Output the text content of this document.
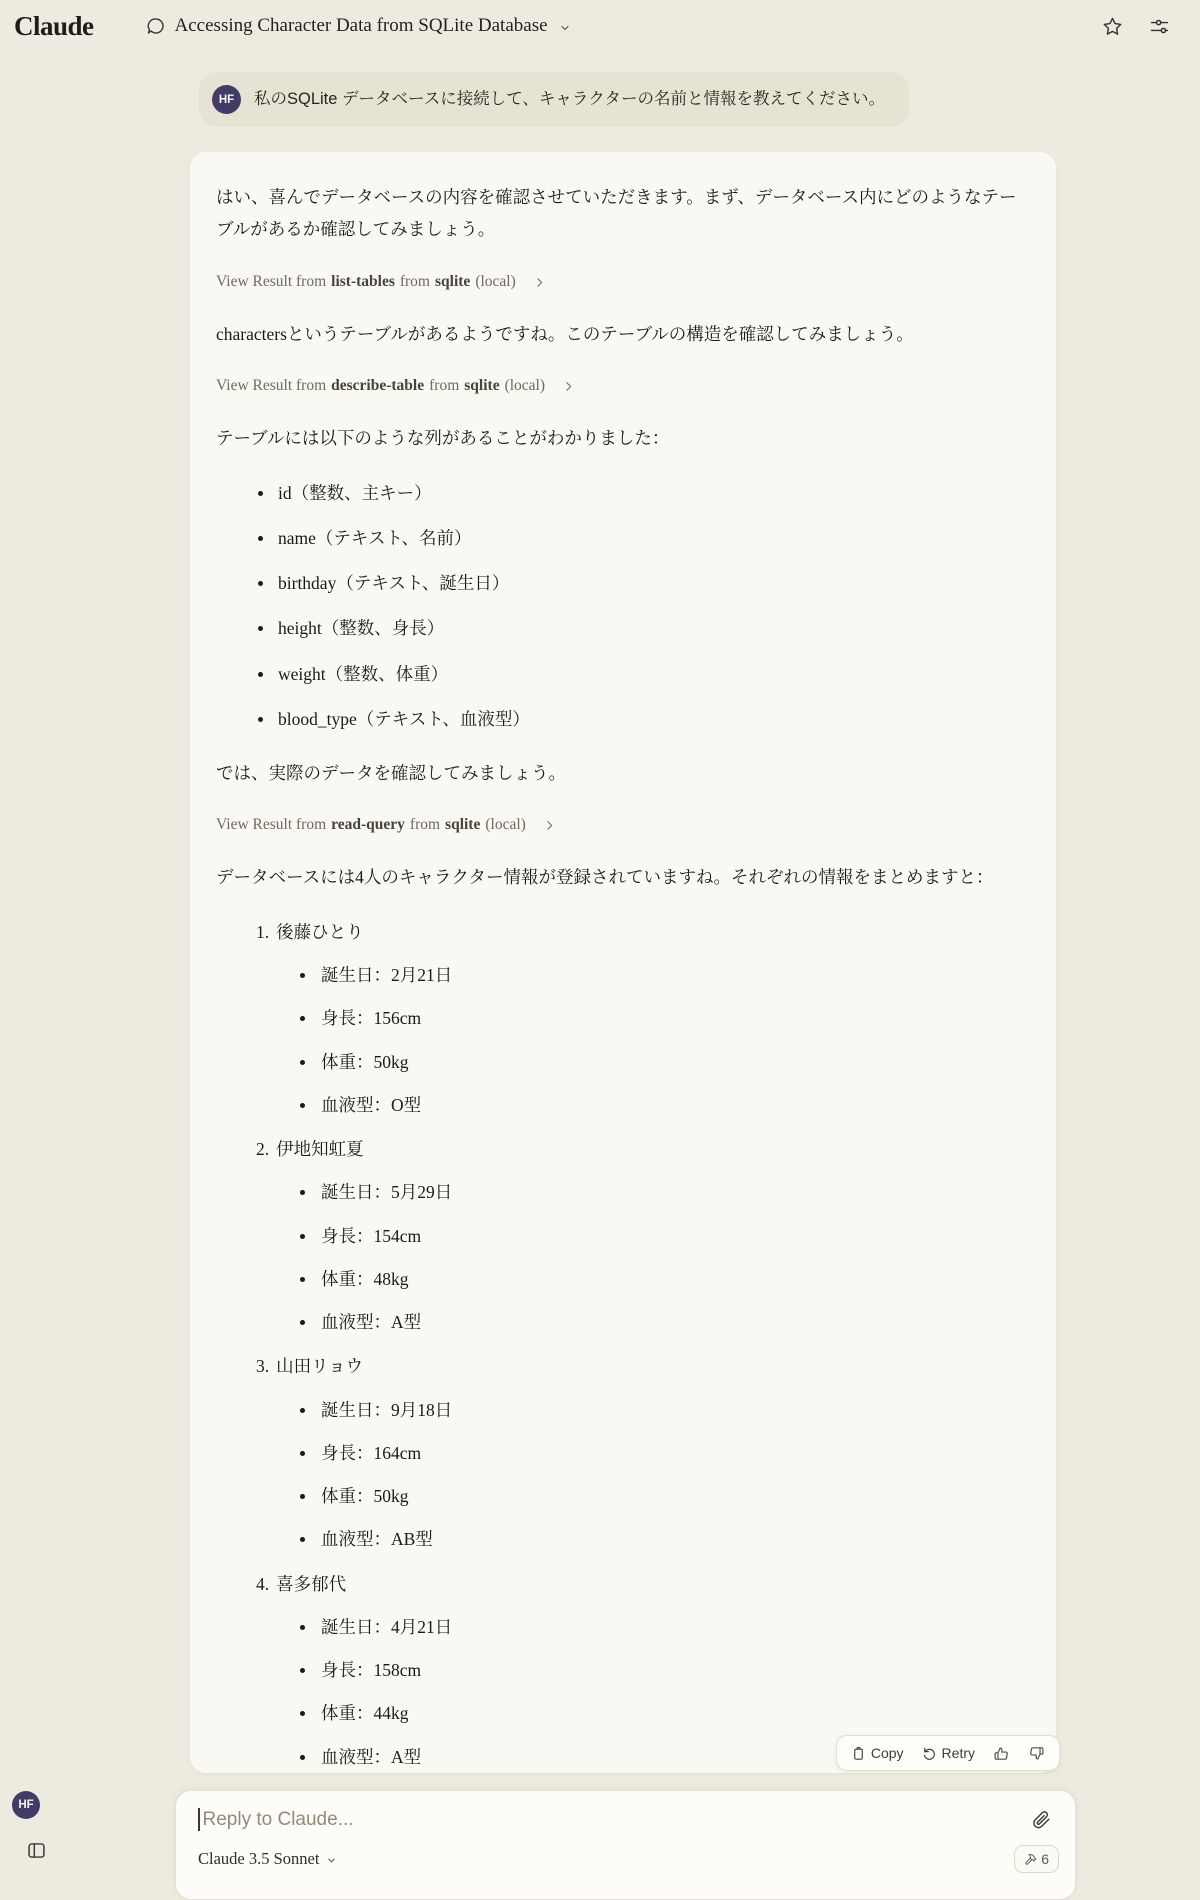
Claude	Accessing Character Data from SQLite Database
HF	私のSQLite データベースに接続して、キャラクターの名前と情報を教えてください。

はい、喜んでデータベースの内容を確認させていただきます。まず、データベース内にどのようなテーブルがあるか確認してみましょう。

View Result from list-tables from sqlite (local)

charactersというテーブルがあるようですね。このテーブルの構造を確認してみましょう。

View Result from describe-table from sqlite (local)

テーブルには以下のような列があることがわかりました：

id（整数、主キー）
name（テキスト、名前）
birthday（テキスト、誕生日）
height（整数、身長）
weight（整数、体重）
blood_type（テキスト、血液型）

では、実際のデータを確認してみましょう。

View Result from read-query from sqlite (local)

データベースには4人のキャラクター情報が登録されていますね。それぞれの情報をまとめますと：

1. 後藤ひとり
誕生日：2月21日
身長：156cm
体重：50kg
血液型：O型
2. 伊地知虹夏
誕生日：5月29日
身長：154cm
体重：48kg
血液型：A型
3. 山田リョウ
誕生日：9月18日
身長：164cm
体重：50kg
血液型：AB型
4. 喜多郁代
誕生日：4月21日
身長：158cm
体重：44kg
血液型：A型	Copy	Retry
Reply to Claude...
Claude 3.5 Sonnet	6
HF
